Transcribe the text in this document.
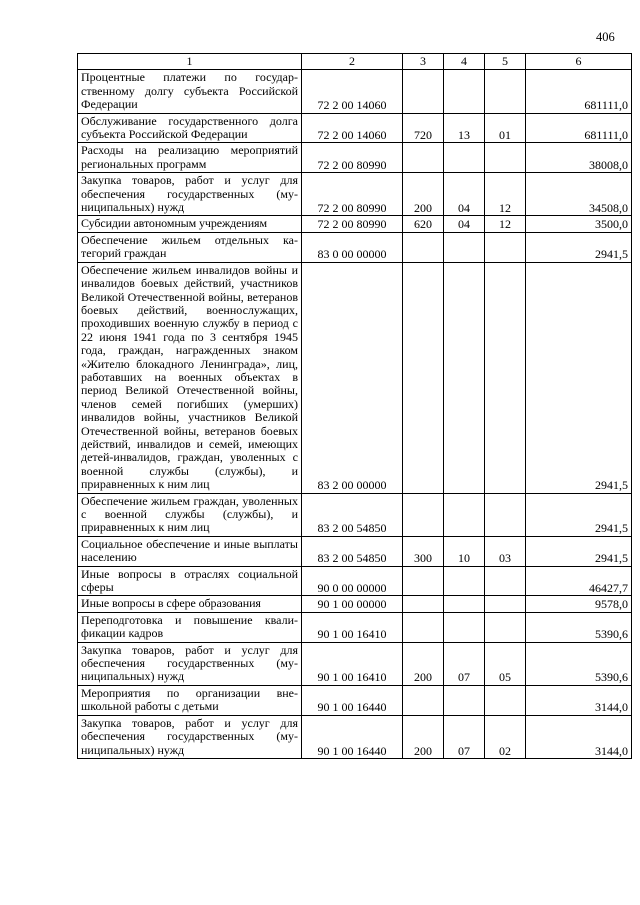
406
1	2	3	4	5	6
Процентные платежи по государственному долгу субъекта Российской Федерации	72 2 00 14060				681111,0
Обслуживание государственного долга субъекта Российской Федерации	72 2 00 14060	720	13	01	681111,0
Расходы на реализацию мероприятий региональных программ	72 2 00 80990				38008,0
Закупка товаров, работ и услуг для обеспечения государственных (муниципальных) нужд	72 2 00 80990	200	04	12	34508,0
Субсидии автономным учреждениям	72 2 00 80990	620	04	12	3500,0
Обеспечение жильем отдельных категорий граждан	83 0 00 00000				2941,5
Обеспечение жильем инвалидов войны и инвалидов боевых действий, участников Великой Отечественной войны, ветеранов боевых действий, военнослужащих, проходивших военную службу в период с 22 июня 1941 года по 3 сентября 1945 года, граждан, награжденных знаком «Жителю блокадного Ленинграда», лиц, работавших на военных объектах в период Великой Отечественной войны, членов семей погибших (умерших) инвалидов войны, участников Великой Отечественной войны, ветеранов боевых действий, инвалидов и семей, имеющих детей-инвалидов, граждан, уволенных с военной службы (службы), и приравненных к ним лиц	83 2 00 00000				2941,5
Обеспечение жильем граждан, уволенных с военной службы (службы), и приравненных к ним лиц	83 2 00 54850				2941,5
Социальное обеспечение и иные выплаты населению	83 2 00 54850	300	10	03	2941,5
Иные вопросы в отраслях социальной сферы	90 0 00 00000				46427,7
Иные вопросы в сфере образования	90 1 00 00000				9578,0
Переподготовка и повышение квалификации кадров	90 1 00 16410				5390,6
Закупка товаров, работ и услуг для обеспечения государственных (муниципальных) нужд	90 1 00 16410	200	07	05	5390,6
Мероприятия по организации внешкольной работы с детьми	90 1 00 16440				3144,0
Закупка товаров, работ и услуг для обеспечения государственных (муниципальных) нужд	90 1 00 16440	200	07	02	3144,0
